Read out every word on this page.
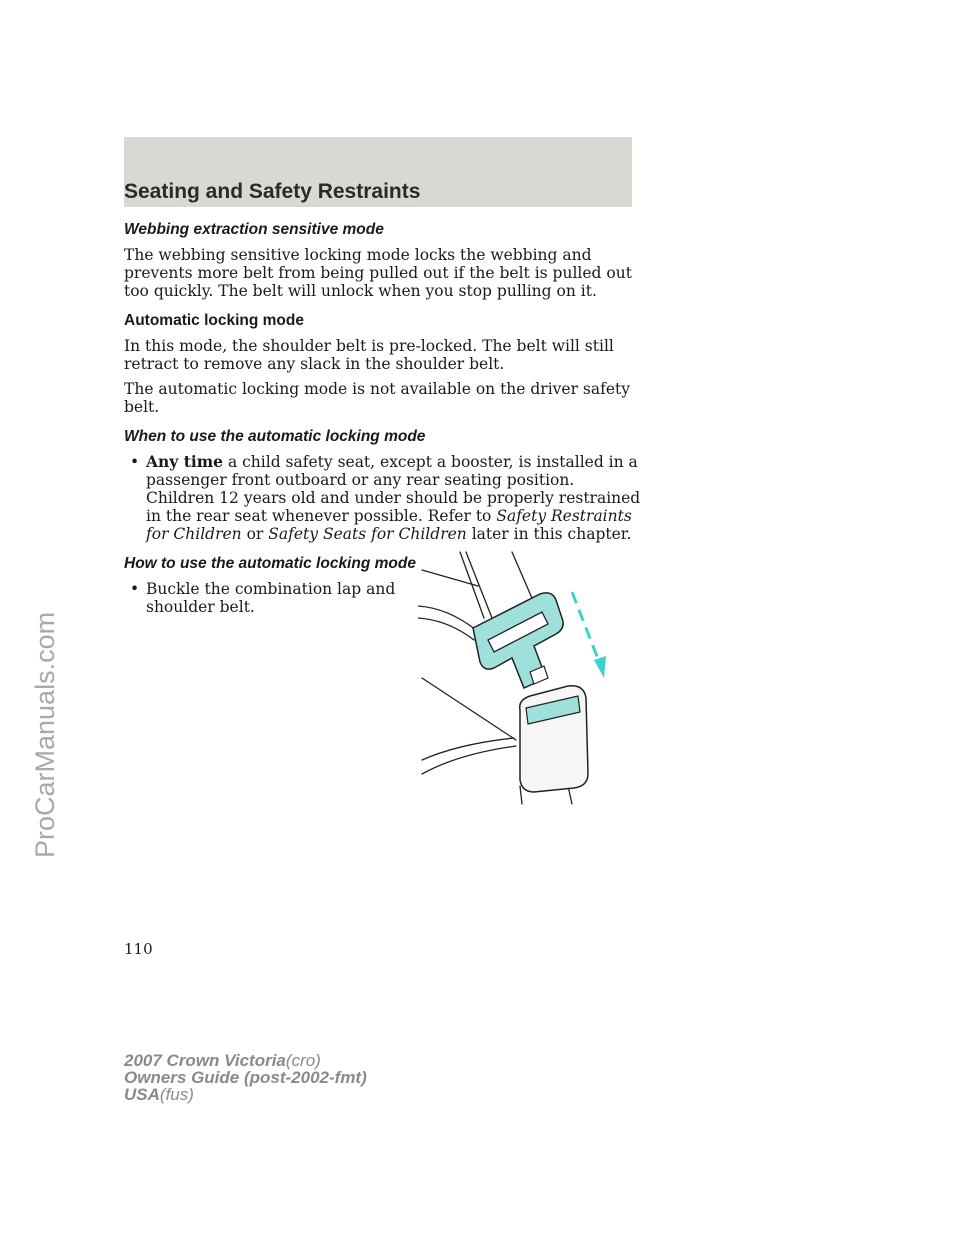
Seating and Safety Restraints
Webbing extraction sensitive mode

The webbing sensitive locking mode locks the webbing and prevents more belt from being pulled out if the belt is pulled out too quickly. The belt will unlock when you stop pulling on it.

Automatic locking mode

In this mode, the shoulder belt is pre-locked. The belt will still retract to remove any slack in the shoulder belt.

The automatic locking mode is not available on the driver safety belt.

When to use the automatic locking mode
• Any time a child safety seat, except a booster, is installed in a passenger front outboard or any rear seating position. Children 12 years old and under should be properly restrained in the rear seat whenever possible. Refer to Safety Restraints for Children or Safety Seats for Children later in this chapter.
How to use the automatic locking mode
• Buckle the combination lap and shoulder belt.

110

2007 Crown Victoria(cro)
Owners Guide (post-2002-fmt)
USA(fus)
ProCarManuals.com
